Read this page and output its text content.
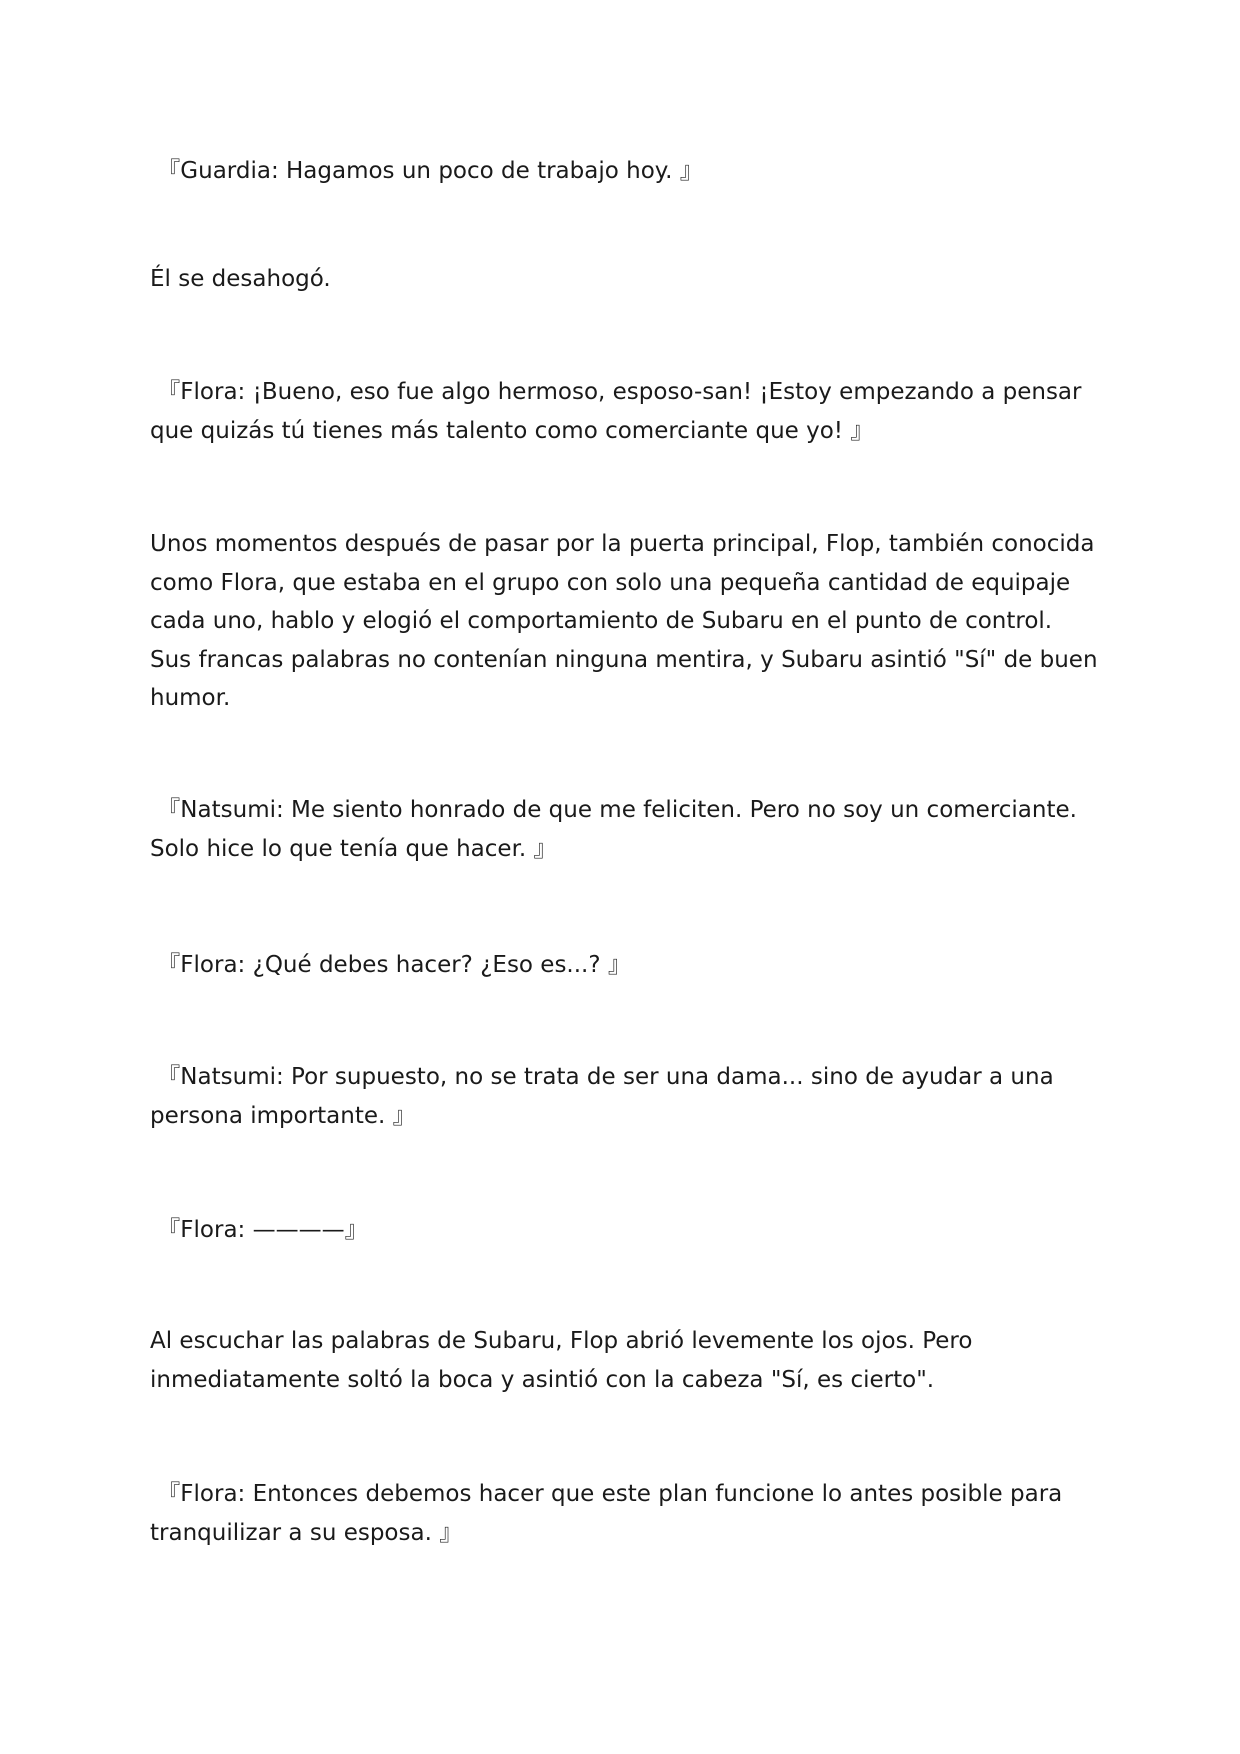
『Guardia: Hagamos un poco de trabajo hoy. 』

Él se desahogó.

『Flora: ¡Bueno, eso fue algo hermoso, esposo-san! ¡Estoy empezando a pensar que quizás tú tienes más talento como comerciante que yo! 』

Unos momentos después de pasar por la puerta principal, Flop, también conocida como Flora, que estaba en el grupo con solo una pequeña cantidad de equipaje cada uno, hablo y elogió el comportamiento de Subaru en el punto de control. Sus francas palabras no contenían ninguna mentira, y Subaru asintió "Sí" de buen humor.

『Natsumi: Me siento honrado de que me feliciten. Pero no soy un comerciante. Solo hice lo que tenía que hacer. 』

『Flora: ¿Qué debes hacer? ¿Eso es...? 』

『Natsumi: Por supuesto, no se trata de ser una dama... sino de ayudar a una persona importante. 』

『Flora: ————』

Al escuchar las palabras de Subaru, Flop abrió levemente los ojos. Pero inmediatamente soltó la boca y asintió con la cabeza "Sí, es cierto".

『Flora: Entonces debemos hacer que este plan funcione lo antes posible para tranquilizar a su esposa. 』
